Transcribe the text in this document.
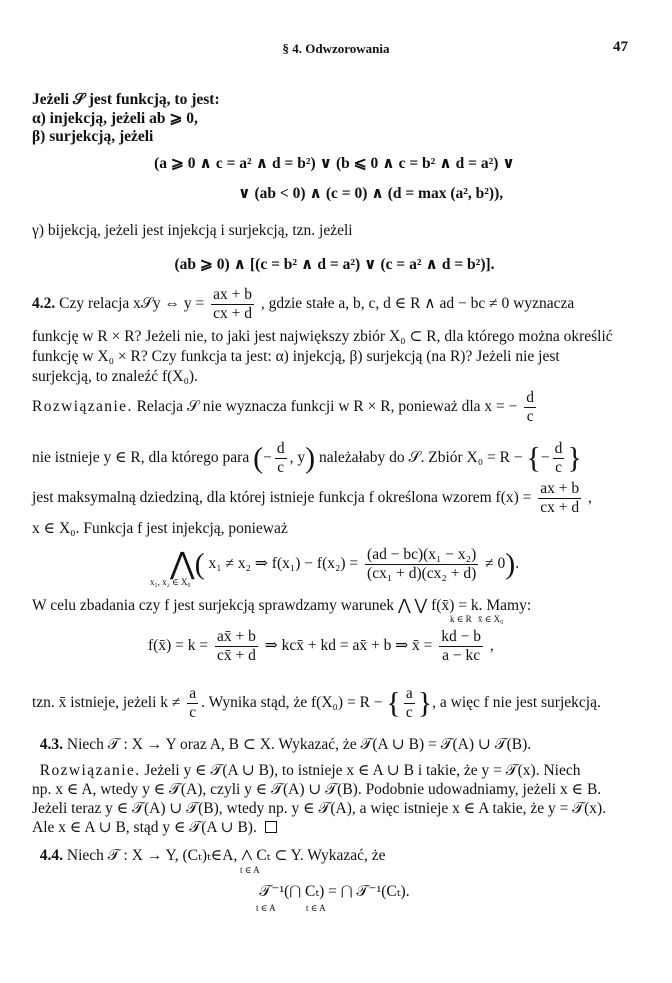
§ 4. Odwzorowania	47
Jeżeli 𝒮 jest funkcją, to jest:
α) injekcją, jeżeli ab ⩾ 0,
β) surjekcją, jeżeli
(a ⩾ 0 ∧ c = a² ∧ d = b²) ∨ (b ⩽ 0 ∧ c = b² ∧ d = a²) ∨
∨ (ab < 0) ∧ (c = 0) ∧ (d = max (a², b²)),
γ) bijekcją, jeżeli jest injekcją i surjekcją, tzn. jeżeli
(ab ⩾ 0) ∧ [(c = b² ∧ d = a²) ∨ (c = a² ∧ d = b²)].
4.2. Czy relacja x𝒮y ⇔ $y = \frac{ax + b}{cx + d}$ , gdzie stałe a, b, c, d ∈ R ∧ ad − bc ≠ 0 wyznacza
funkcję w R × R? Jeżeli nie, to jaki jest największy zbiór X₀ ⊂ R, dla którego można określić
funkcję w X₀ × R? Czy funkcja ta jest: α) injekcją, β) surjekcją (na R)? Jeżeli nie jest
surjekcją, to znaleźć f(X₀).
Rozwiązanie. Relacja 𝒮 nie wyznacza funkcji w R × R, ponieważ dla x = − $\frac{d}{c}$
nie istnieje y ∈ R, dla którego para (− $\frac{d}{c}$ , y) należałaby do 𝒮. Zbiór X₀ = R − {− $\frac{d}{c}$ }
jest maksymalną dziedziną, dla której istnieje funkcja f określona wzorem $f(x) = \frac{ax + b}{cx + d}$ ,
x ∈ X₀. Funkcja f jest injekcją, ponieważ
⋀( x₁ ≠ x₂ ⇒ $f(x_1) - f(x_2) = \frac{\text{(ad − bc)(x₁ − x₂)}}{\text{(cx₁ + d)(cx₂ + d)}} \ne 0$).
x₁, x₂ ∈ X₀
W celu zbadania czy f jest surjekcją sprawdzamy warunek ⋀ ⋁ f(x̄) = k. Mamy:
k ∈ R x̄ ∈ X₀
f(x̄) = $k = \frac{ax̄ + b}{cx̄ + d}$ ⇒ kcx̄ + kd = ax̄ + b ⇒ x̄ = $\frac{kd - b}{a - kc}$ ,
tzn. x̄ istnieje, jeżeli $k \ne \frac{a}{c}$ . Wynika stąd, że f(X₀) = R − { $\frac{a}{c}$ }, a więc f nie jest surjekcją.
4.3. Niech 𝒯 : X → Y oraz A, B ⊂ X. Wykazać, że 𝒯(A ∪ B) = 𝒯(A) ∪ 𝒯(B).
Rozwiązanie. Jeżeli y ∈ 𝒯(A ∪ B), to istnieje x ∈ A ∪ B i takie, że y = 𝒯(x). Niech
np. x ∈ A, wtedy y ∈ 𝒯(A), czyli y ∈ 𝒯(A) ∪ 𝒯(B). Podobnie udowadniamy, jeżeli x ∈ B.
Jeżeli teraz y ∈ 𝒯(A) ∪ 𝒯(B), wtedy np. y ∈ 𝒯(A), a więc istnieje x ∈ A takie, że y = 𝒯(x).
Ale x ∈ A ∪ B, stąd y ∈ 𝒯(A ∪ B).
4.4. Niech 𝒯 : X → Y, (Cₜ)ₜ∈A, ⋀ Cₜ ⊂ Y. Wykazać, że
t ∈ A
𝒯⁻¹(⋂ Cₜ) = ⋂ 𝒯⁻¹(Cₜ).
t ∈ A	t ∈ A
